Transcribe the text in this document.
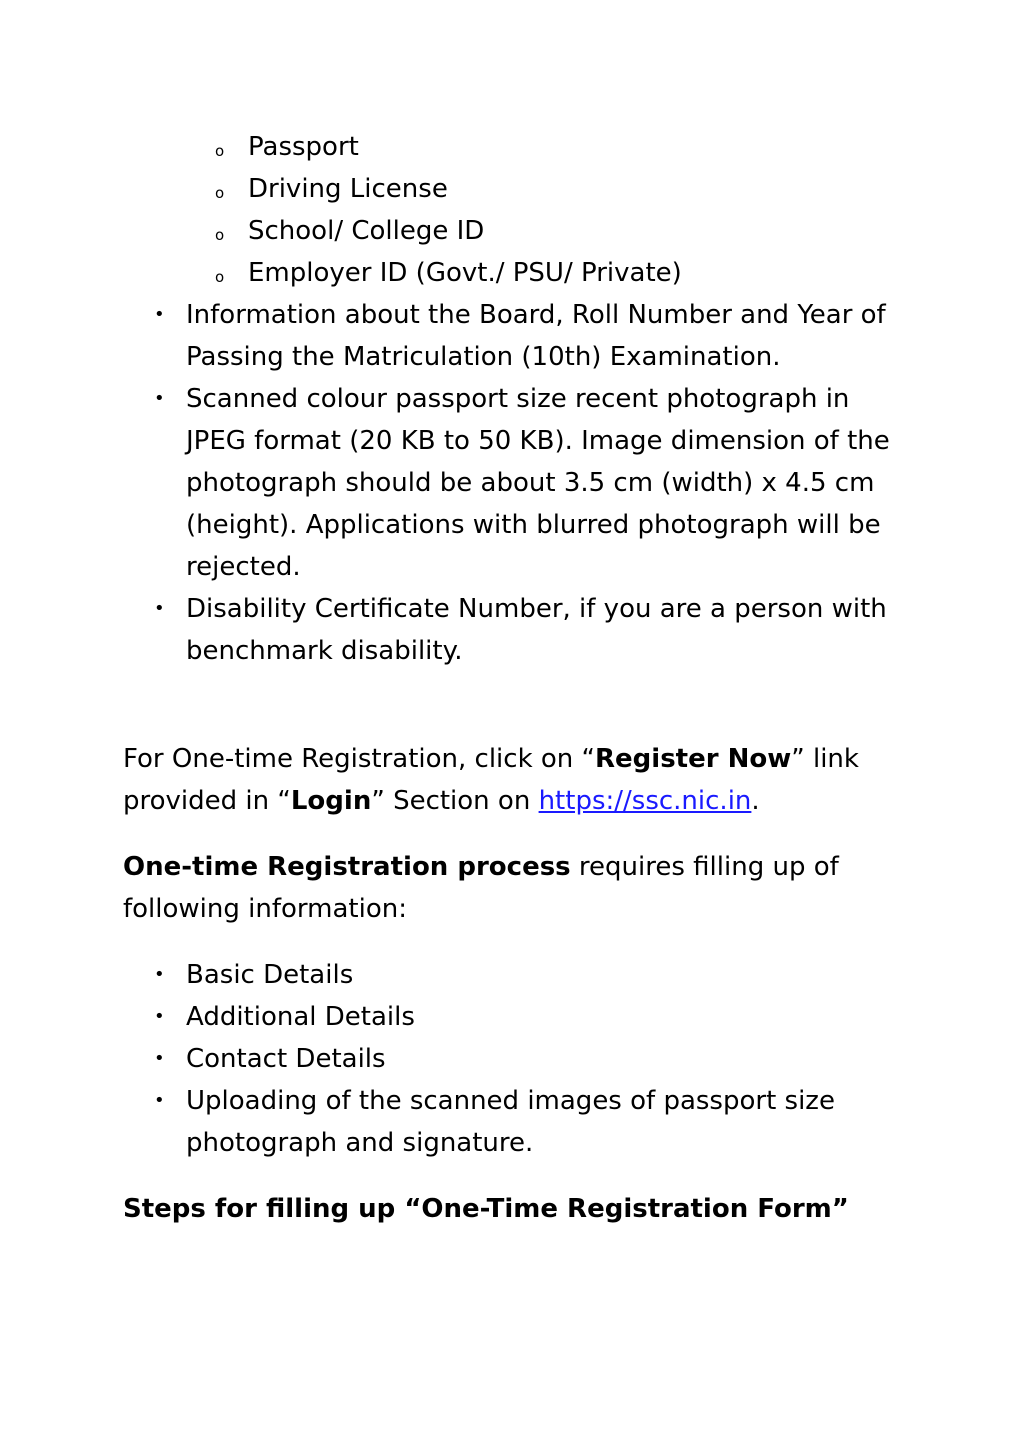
o Passport
o Driving License
o School/ College ID
o Employer ID (Govt./ PSU/ Private)
• Information about the Board, Roll Number and Year of Passing the Matriculation (10th) Examination.
• Scanned colour passport size recent photograph in JPEG format (20 KB to 50 KB). Image dimension of the photograph should be about 3.5 cm (width) x 4.5 cm (height). Applications with blurred photograph will be rejected.
• Disability Certificate Number, if you are a person with benchmark disability.

For One-time Registration, click on “Register Now” link provided in “Login” Section on https://ssc.nic.in.

One-time Registration process requires filling up of following information:

• Basic Details
• Additional Details
• Contact Details
• Uploading of the scanned images of passport size photograph and signature.
Steps for filling up “One-Time Registration Form”
